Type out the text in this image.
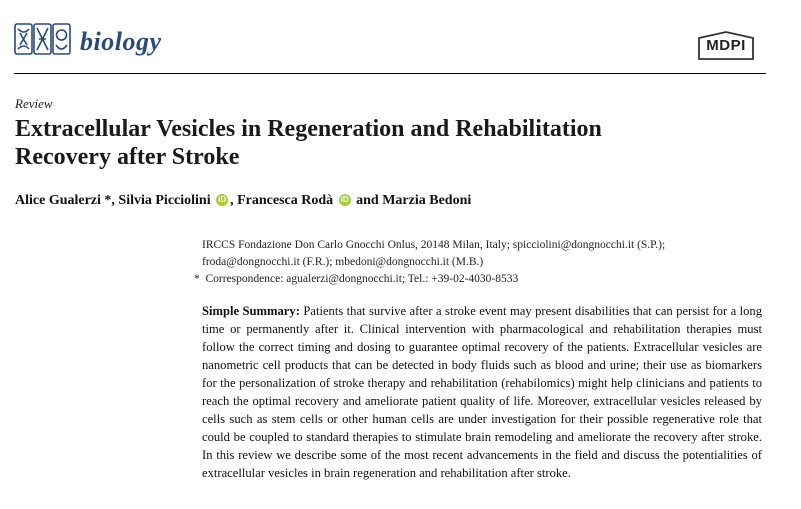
biology	MDPI
Review
Extracellular Vesicles in Regeneration and Rehabilitation
Recovery after Stroke
Alice Gualerzi *, Silvia Picciolini iD , Francesca Rodà iD and Marzia Bedoni
IRCCS Fondazione Don Carlo Gnocchi Onlus, 20148 Milan, Italy; spicciolini@dongnocchi.it (S.P.);
froda@dongnocchi.it (F.R.); mbedoni@dongnocchi.it (M.B.)
* Correspondence: agualerzi@dongnocchi.it; Tel.: +39-02-4030-8533

Simple Summary: Patients that survive after a stroke event may present disabilities that can persist for a long time or permanently after it. Clinical intervention with pharmacological and rehabilitation therapies must follow the correct timing and dosing to guarantee optimal recovery of the patients. Extracellular vesicles are nanometric cell products that can be detected in body fluids such as blood and urine; their use as biomarkers for the personalization of stroke therapy and rehabilitation (rehabilomics) might help clinicians and patients to reach the optimal recovery and ameliorate patient quality of life. Moreover, extracellular vesicles released by cells such as stem cells or other human cells are under investigation for their possible regenerative role that could be coupled to standard therapies to stimulate brain remodeling and ameliorate the recovery after stroke. In this review we describe some of the most recent advancements in the field and discuss the potentialities of extracellular vesicles in brain regeneration and rehabilitation after stroke.
